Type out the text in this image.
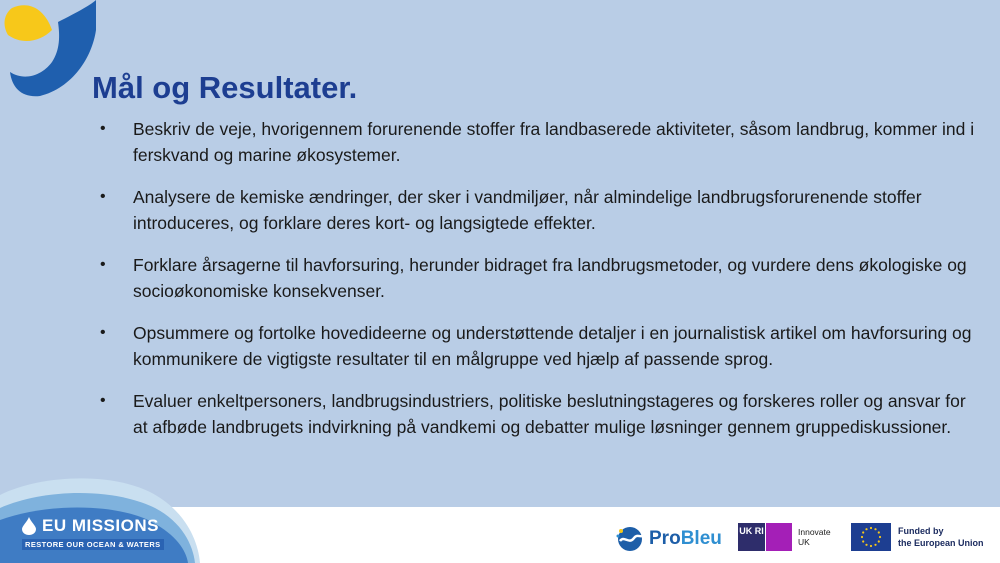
Mål og Resultater.
• Beskriv de veje, hvorigennem forurenende stoffer fra landbaserede aktiviteter, såsom landbrug, kommer ind i ferskvand og marine økosystemer.
• Analysere de kemiske ændringer, der sker i vandmiljøer, når almindelige landbrugsforurenende stoffer introduceres, og forklare deres kort- og langsigtede effekter.
• Forklare årsagerne til havforsuring, herunder bidraget fra landbrugsmetoder, og vurdere dens økologiske og socioøkonomiske konsekvenser.
• Opsummere og fortolke hovedideerne og understøttende detaljer i en journalistisk artikel om havforsuring og kommunikere de vigtigste resultater til en målgruppe ved hjælp af passende sprog.
• Evaluer enkeltpersoners, landbrugsindustriers, politiske beslutningstageres og forskeres roller og ansvar for at afbøde landbrugets indvirkning på vandkemi og debatter mulige løsninger gennem gruppediskussioner.
EU MISSIONS
RESTORE OUR OCEAN & WATERS	ProBleu UK RI	Innovate
UK
Funded by
the European Union
